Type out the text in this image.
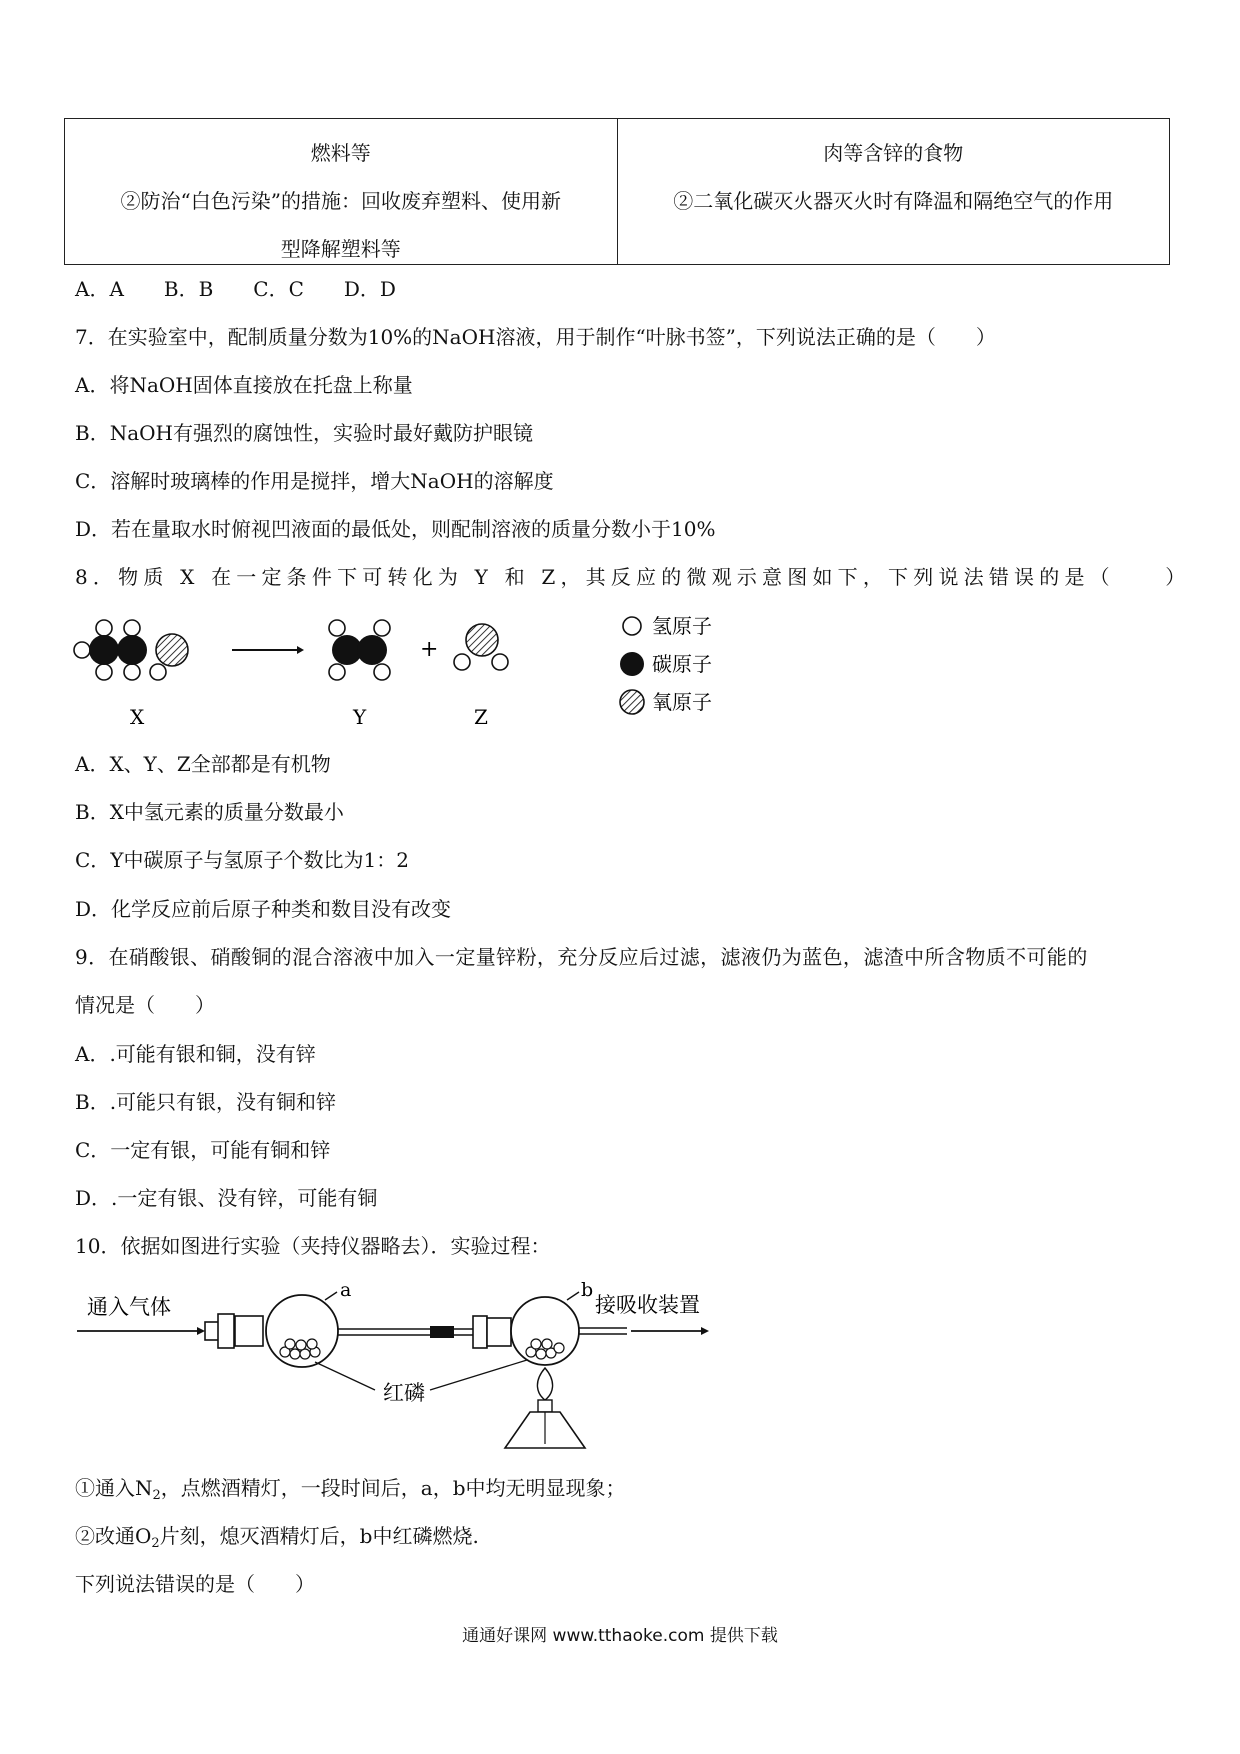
燃料等
②防治“白色污染”的措施：回收废弃塑料、使用新
型降解塑料等
肉等含锌的食物
②二氧化碳灭火器灭火时有降温和隔绝空气的作用
A．A　　B．B　　C．C　　D．D
7．在实验室中，配制质量分数为10%的NaOH溶液，用于制作“叶脉书签”，下列说法正确的是（　　）
A．将NaOH固体直接放在托盘上称量
B．NaOH有强烈的腐蚀性，实验时最好戴防护眼镜
C．溶解时玻璃棒的作用是搅拌，增大NaOH的溶解度
D．若在量取水时俯视凹液面的最低处，则配制溶液的质量分数小于10%
8．物质 X 在一定条件下可转化为 Y 和 Z，其反应的微观示意图如下，下列说法错误的是（　　）
X	Y
+
Z
氢原子
碳原子
氧原子
A．X、Y、Z全部都是有机物
B．X中氢元素的质量分数最小
C．Y中碳原子与氢原子个数比为1：2
D．化学反应前后原子种类和数目没有改变
9．在硝酸银、硝酸铜的混合溶液中加入一定量锌粉，充分反应后过滤，滤液仍为蓝色，滤渣中所含物质不可能的
情况是（　　）
A．.可能有银和铜，没有锌
B．.可能只有银，没有铜和锌
C．一定有银，可能有铜和锌
D．.一定有银、没有锌，可能有铜
10．依据如图进行实验（夹持仪器略去）．实验过程：
通入气体
a	b
接吸收装置
红磷
①通入$N_2$，点燃酒精灯，一段时间后，a，b中均无明显现象；
②改通$O_2$片刻，熄灭酒精灯后，b中红磷燃烧.
下列说法错误的是（　　）
通通好课网 www.tthaoke.com 提供下载
